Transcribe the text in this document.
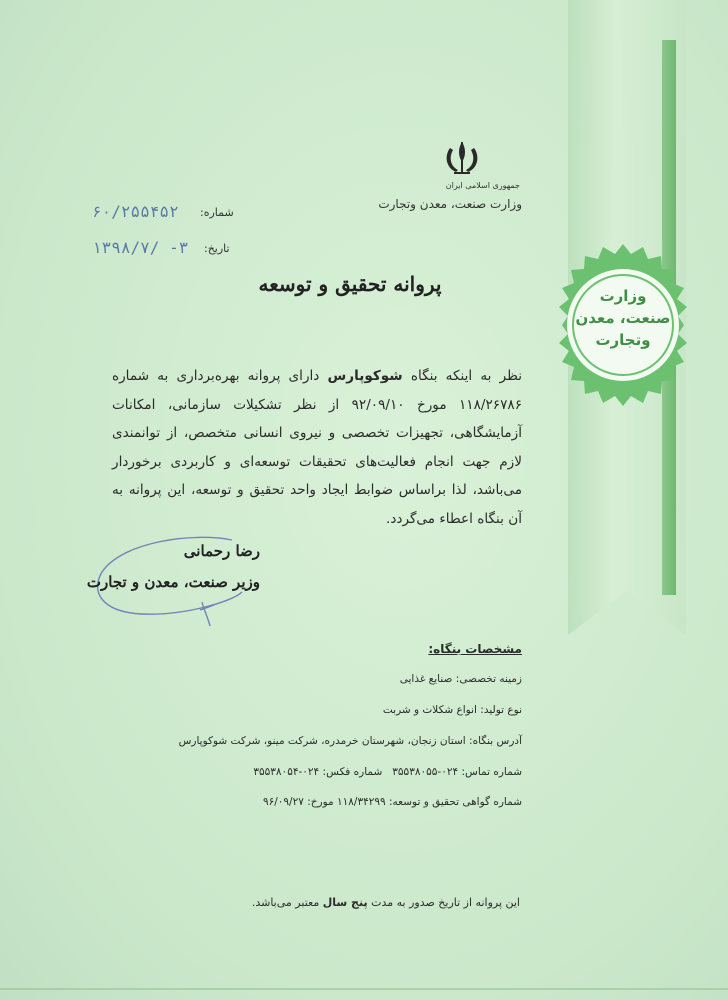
وزارت
صنعت، معدن
وتجارت
جمهوری اسلامی ایران
وزارت صنعت، معدن وتجارت
شماره:
۶۰/۲۵۵۴۵۲
تاریخ:
۱۳۹۸/۷/ -۳
پروانه تحقیق و توسعه
نظر به اینکه بنگاه شوکوپارس دارای پروانه بهره‌برداری به شماره ۱۱۸/۲۶۷۸۶ مورخ ۹۲/۰۹/۱۰ از نظر تشکیلات سازمانی، امکانات آزمایشگاهی، تجهیزات تخصصی و نیروی انسانی متخصص، از توانمندی لازم جهت انجام فعالیت‌های تحقیقات توسعه‌ای و کاربردی برخوردار می‌باشد، لذا براساس ضوابط ایجاد واحد تحقیق و توسعه، این پروانه به آن بنگاه اعطاء می‌گردد.
رضا رحمانی
وزیر صنعت، معدن و تجارت
مشخصات بنگاه:
زمینه تخصصی: صنایع غذایی
نوع تولید: انواع شکلات و شربت
آدرس بنگاه: استان زنجان، شهرستان خرمدره، شرکت مینو، شرکت شوکوپارس
شماره تماس: ۰۲۴-۳۵۵۳۸۰۵۵   شماره فکس: ۰۲۴-۳۵۵۳۸۰۵۴
شماره گواهی تحقیق و توسعه: ۱۱۸/۳۴۲۹۹ مورخ: ۹۶/۰۹/۲۷
این پروانه از تاریخ صدور به مدت پنج سال معتبر می‌باشد.
